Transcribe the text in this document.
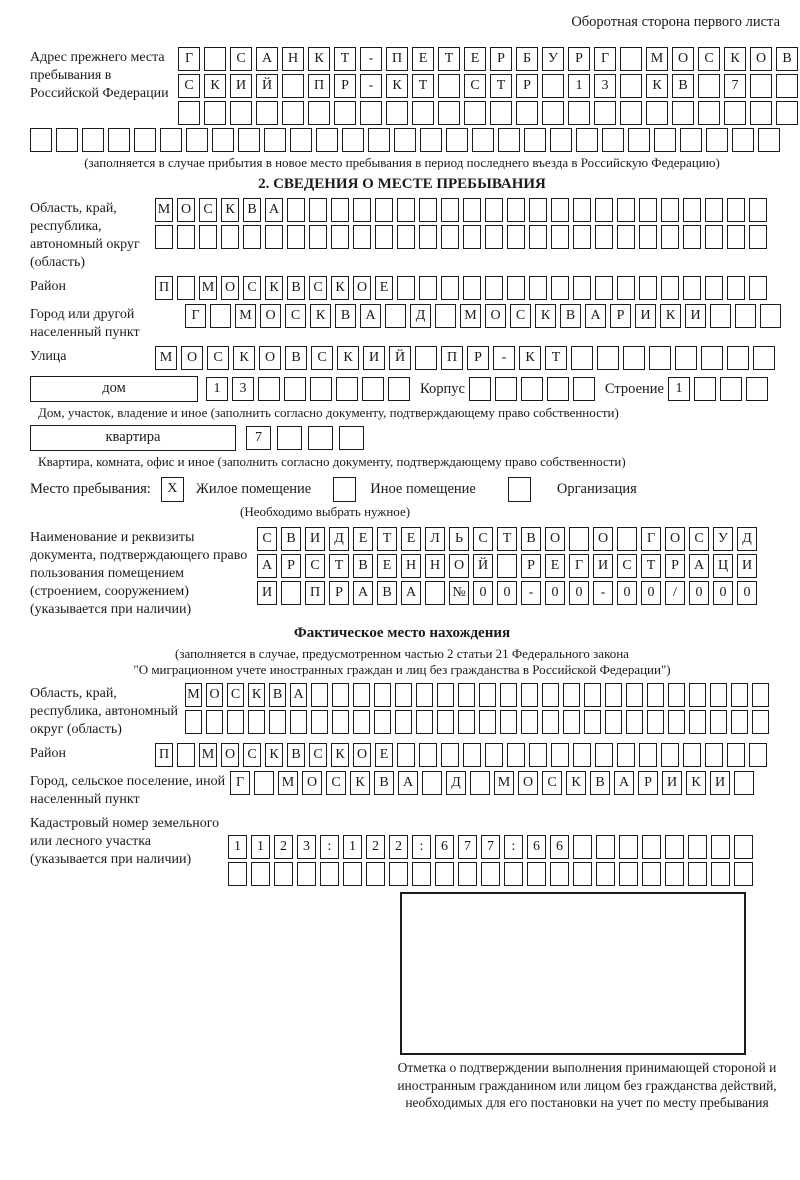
Оборотная сторона первого листа
Адрес прежнего места пребывания в Российской Федерации
Г	С	А	Н	К	Т	-	П	Е	Т	Е	Р	Б	У	Р	Г	М	О	С	К	О	В
С	К	И	Й	П	Р	-	К	Т	С	Т	Р	1	3	К	В	7
(заполняется в случае прибытия в новое место пребывания в период последнего въезда в Российскую Федерацию)
2. СВЕДЕНИЯ О МЕСТЕ ПРЕБЫВАНИЯ
Область, край, республика, автономный округ (область)
М О С К В А
Район	П М О С К В С К О Е
Город или другой населенный пункт
Г	М О	С	К	В	А	Д	М О	С	К	В	А	Р	И	К	И
Улица	М	О	С	К	О	В	С	К	И	Й	П	Р	-	К	Т
дом	1	3	Корпус	Строение 1
Дом, участок, владение и иное (заполнить согласно документу, подтверждающему право собственности)
квартира	7
Квартира, комната, офис и иное (заполнить согласно документу, подтверждающему право собственности)
Место пребывания:	X	Жилое помещение	Иное помещение	Организация
(Необходимо выбрать нужное)
Наименование и реквизиты документа, подтверждающего право пользования помещением (строением, сооружением) (указывается при наличии)
С	В	И	Д	Е	Т	Е	Л	Ь	С	Т	В	О	О	Г	О	С	У	Д
А	Р	С	Т	В	Е	Н Н О Й	Р	Е	Г	И	С	Т	Р	А Ц И
И	П	Р	А	В	А	№ 0	0	-	0	0	-	0	0	/	0	0	0
Фактическое место нахождения
(заполняется в случае, предусмотренном частью 2 статьи 21 Федерального закона
"О миграционном учете иностранных граждан и лиц без гражданства в Российской Федерации")
Область, край, республика, автономный округ (область)
М О С К В А
Район	П М О С К В С К О Е
Город, сельское поселение, иной населенный пункт
Г	М О	С	К	В	А	Д	М О	С	К	В	А	Р	И	К	И
Кадастровый номер земельного или лесного участка (указывается при наличии)
1	1	2	3	:	1	2	2	:	6	7	7	:	6	6
Отметка о подтверждении выполнения принимающей стороной и иностранным гражданином или лицом без гражданства действий, необходимых для его постановки на учет по месту пребывания
